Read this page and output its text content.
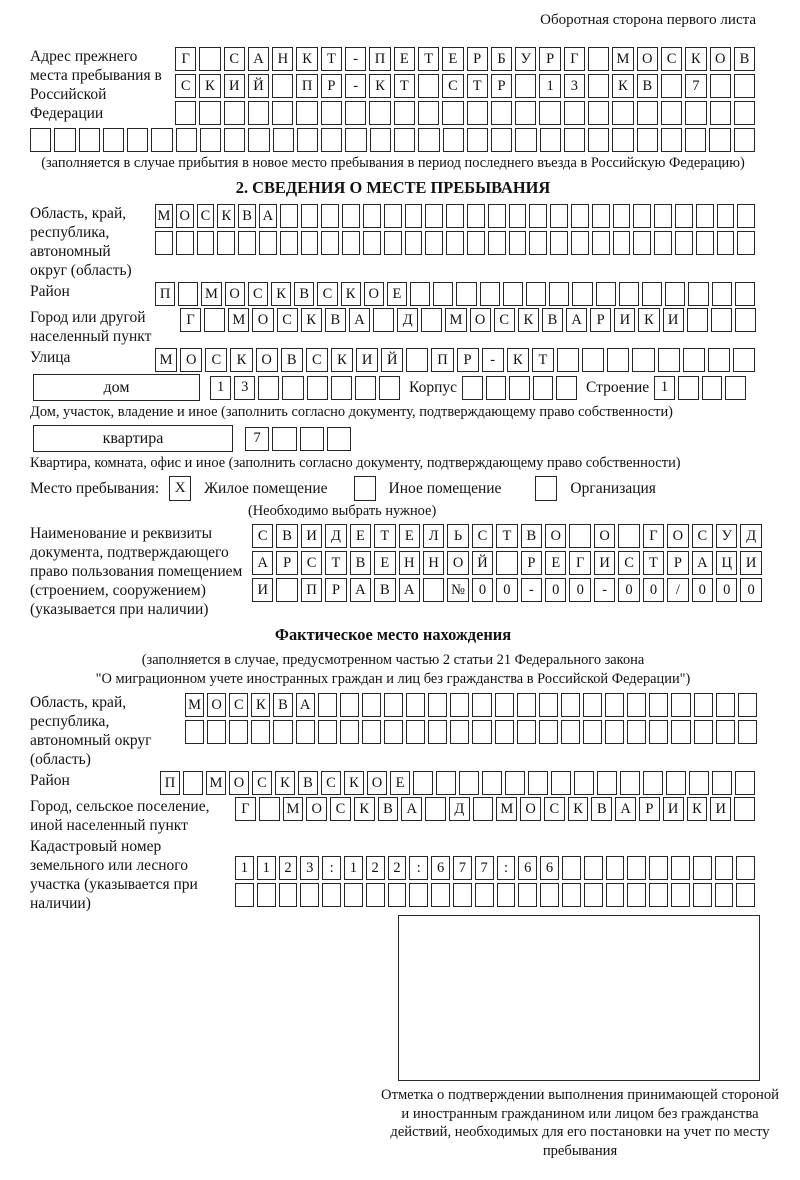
Оборотная сторона первого листа
Адрес прежнего места пребывания в Российской Федерации
Г	С А Н К	Т	-	П	Е	Т	Е	Р	Б	У	Р	Г	М О С	К О В
С	К И Й	П	Р	-	К	Т	С	Т	Р	1	3	К	В	7
(заполняется в случае прибытия в новое место пребывания в период последнего въезда в Российскую Федерацию)
2. СВЕДЕНИЯ О МЕСТЕ ПРЕБЫВАНИЯ
Область, край, республика, автономный округ (область)
М О С К В А
Район	П	М О С К В С К О Е
Город или другой населенный пункт
Г	М О С К В А	Д	М О С К В А	Р	И К И
Улица	М О	С	К	О	В	С	К	И	Й	П	Р	-	К	Т
дом	1	3	Корпус	Строение 1
Дом, участок, владение и иное (заполнить согласно документу, подтверждающему право собственности)
квартира	7
Квартира, комната, офис и иное (заполнить согласно документу, подтверждающему право собственности)
Место пребывания:	X	Жилое помещение	Иное помещение	Организация
(Необходимо выбрать нужное)
Наименование и реквизиты документа, подтверждающего право пользования помещением (строением, сооружением) (указывается при наличии)
С	В И Д	Е	Т	Е	Л	Ь	С	Т	В О	О	Г	О С У Д
А	Р	С	Т	В	Е	Н Н О Й	Р	Е	Г	И С	Т	Р	А Ц И
И	П	Р	А В А	№ 0	0	-	0	0	-	0	0	/	0	0	0
Фактическое место нахождения
(заполняется в случае, предусмотренном частью 2 статьи 21 Федерального закона
"О миграционном учете иностранных граждан и лиц без гражданства в Российской Федерации")
Область, край, республика, автономный округ (область)
М О С К В А
Район	П	М О С К В С К О Е
Город, сельское поселение, иной населенный пункт
Г	М О С К В А	Д	М О С К В А Р И К И
Кадастровый номер земельного или лесного участка (указывается при наличии)
1	1	2	3	:	1	2	2	:	6	7	7	:	6	6
Отметка о подтверждении выполнения принимающей стороной и иностранным гражданином или лицом без гражданства действий, необходимых для его постановки на учет по месту пребывания
